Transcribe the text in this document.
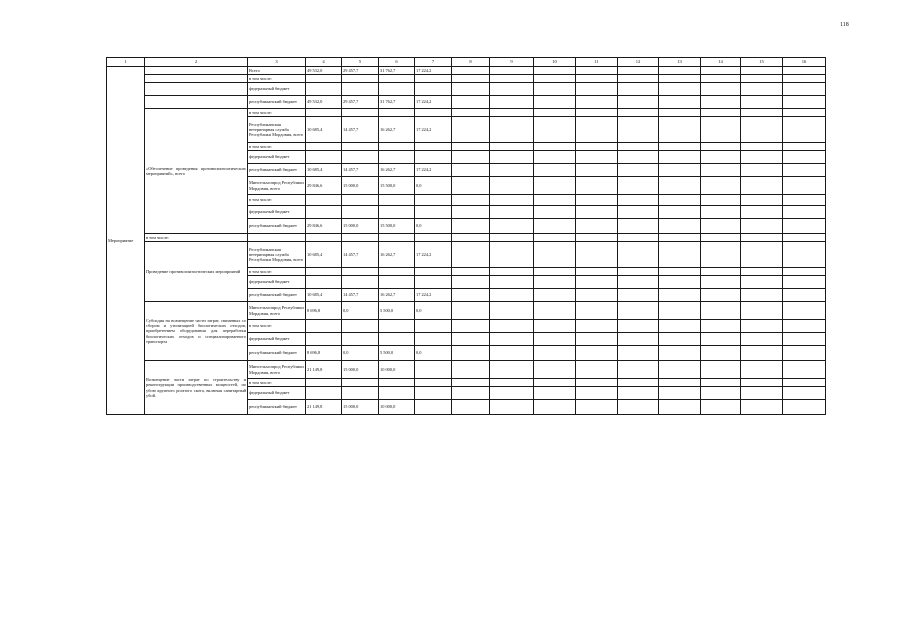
118
1	2	3	4	5	6	7	8	9	10	11	12	13	14	15	16
Мероприятие		Всего	49 532,0	29 457,7	31 762,7	17 224,2									
		в том числе:													
		федеральный бюджет													
		республиканский бюджет	49 532,0	29 457,7	31 762,7	17 224,2									
	«Обеспечение проведения противоэпизоотических мероприятий», всего	в том числе:													
		Республиканская ветеринарная служба Республики Мордовия, всего	10 685,4	14 457,7	16 262,7	17 224,2									
		в том числе:													
		федеральный бюджет													
		республиканский бюджет	10 685,4	14 457,7	16 262,7	17 224,2									
		Минсельхозпрод Республики Мордовия, всего	29 846,6	15 000,0	15 500,0	0,0									
		в том числе:													
		федеральный бюджет													
		республиканский бюджет	29 846,6	15 000,0	15 500,0	0,0									
	в том числе:														
	Проведение противоэпизоотических мероприятий	Республиканская ветеринарная служба Республики Мордовия, всего	10 685,4	14 457,7	16 262,7	17 224,2									
		в том числе:													
		федеральный бюджет													
		республиканский бюджет	10 685,4	14 457,7	16 262,7	17 224,2									
	Субсидия на возмещение части затрат, связанных со сбором и утилизацией биологических отходов, приобретением оборудования для переработки биологических отходов и специализированного транспорта	Минсельхозпрод Республики Мордовия, всего	8 696,8	0,0	5 500,0	0,0									
		в том числе:													
		федеральный бюджет													
		республиканский бюджет	8 696,8	0,0	5 500,0	0,0									
	Возмещение части затрат по строительству и реконструкции производственных мощностей, по убою крупного рогатого скота, включая санитарный убой.	Минсельхозпрод Республики Мордовия, всего	21 149,8	15 000,0	10 000,0										
		в том числе:													
		федеральный бюджет													
		республиканский бюджет	21 149,8	15 000,0	10 000,0										
